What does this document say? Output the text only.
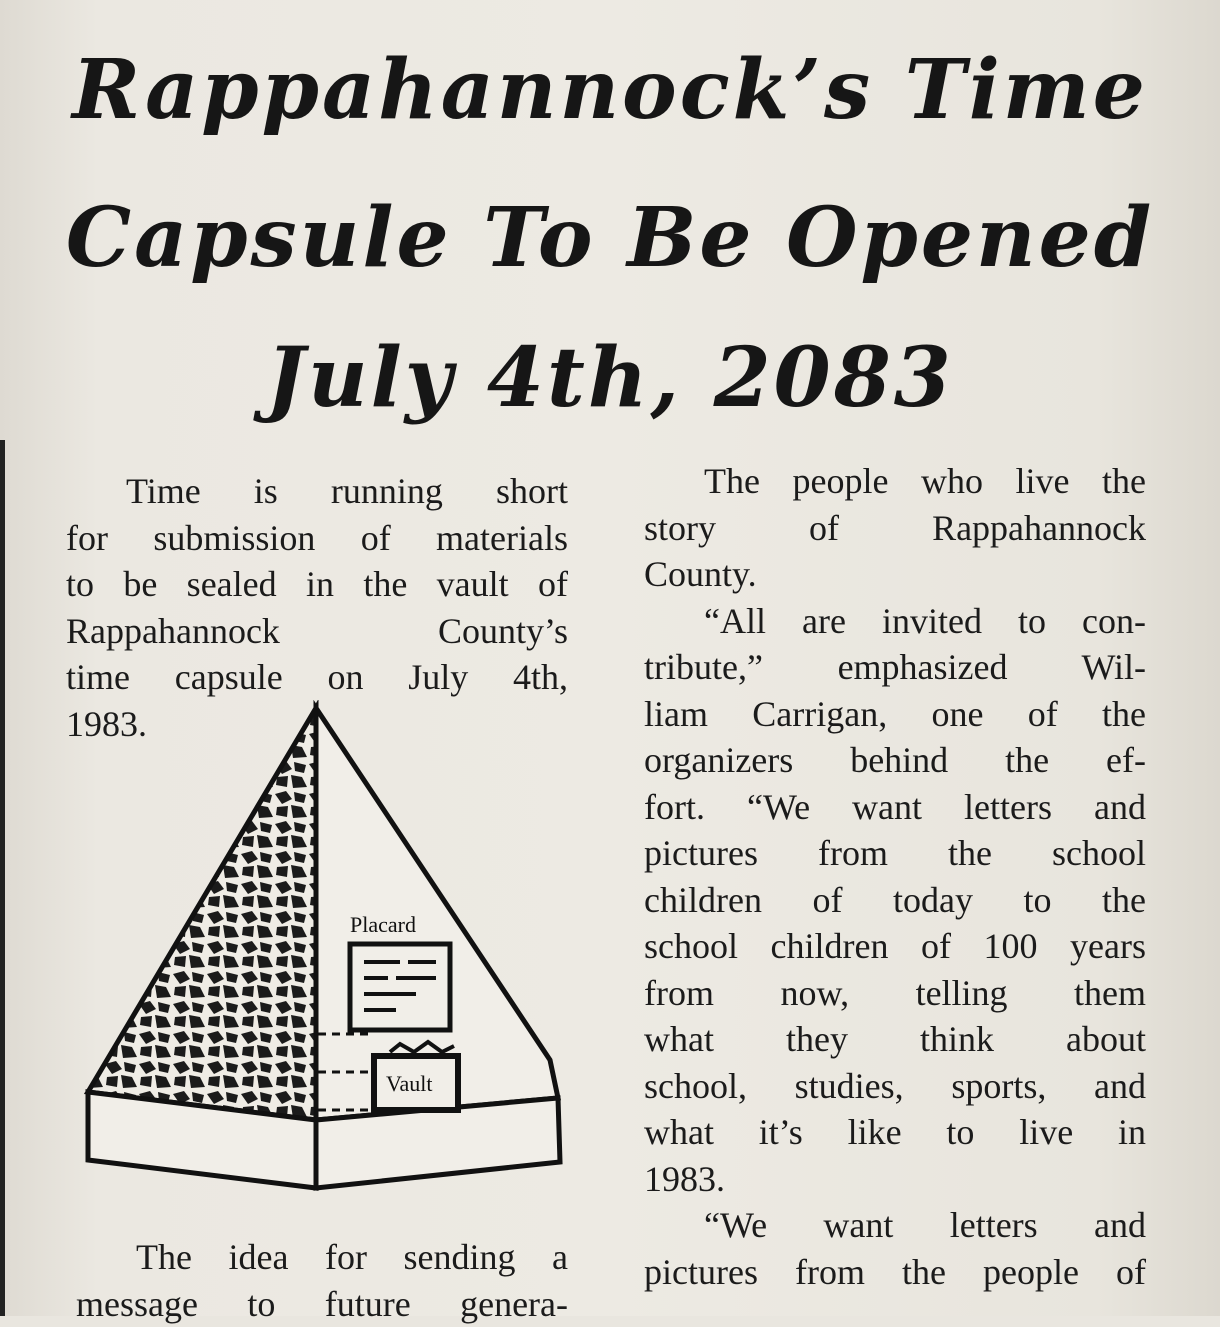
Rappahannock’s Time
Capsule To Be Opened
July 4th, 2083
Time is running short
for submission of materials
to be sealed in the vault of
Rappahannock County’s
time capsule on July 4th,
1983.
Placard
Vault
The idea for sending a
message to future genera-
The people who live the
story of Rappahannock
County.
“All are invited to con-
tribute,” emphasized Wil-
liam Carrigan, one of the
organizers behind the ef-
fort. “We want letters and
pictures from the school
children of today to the
school children of 100 years
from now, telling them
what they think about
school, studies, sports, and
what it’s like to live in
1983.
“We want letters and
pictures from the people of
